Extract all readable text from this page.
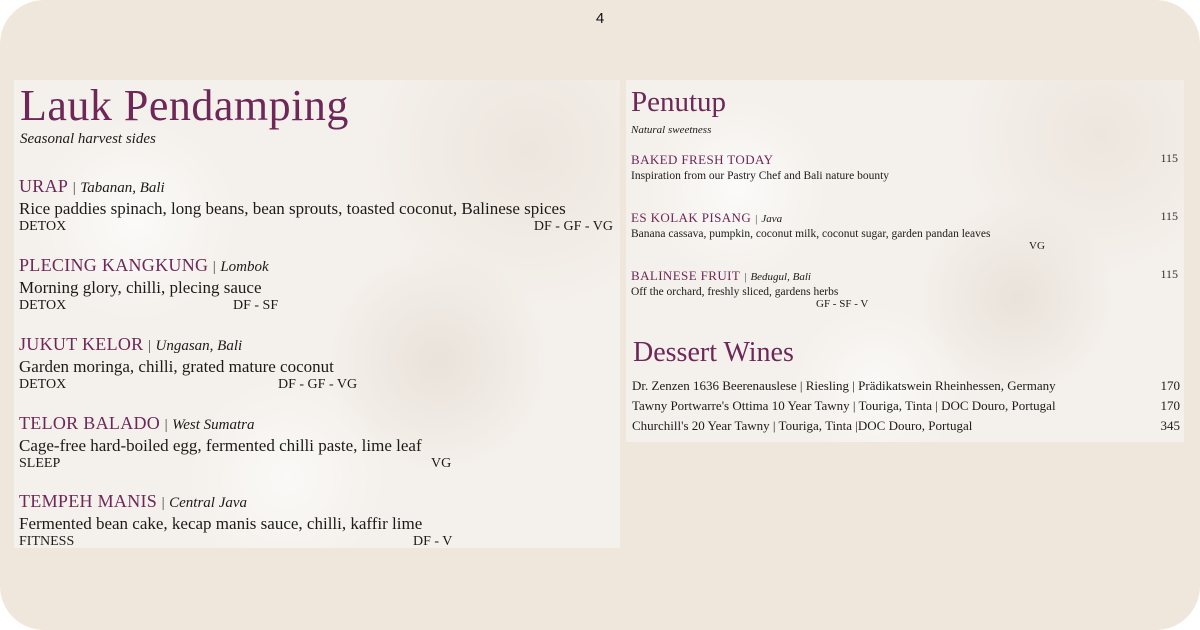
4
Lauk Pendamping
Seasonal harvest sides
URAP | Tabanan, Bali
Rice paddies spinach, long beans, bean sprouts, toasted coconut, Balinese spices
DETOX	DF - GF - VG
PLECING KANGKUNG | Lombok
Morning glory, chilli, plecing sauce
DETOX	DF - SF
JUKUT KELOR | Ungasan, Bali
Garden moringa, chilli, grated mature coconut
DETOX	DF - GF - VG
TELOR BALADO | West Sumatra
Cage-free hard-boiled egg, fermented chilli paste, lime leaf
SLEEP	VG
TEMPEH MANIS | Central Java
Fermented bean cake, kecap manis sauce, chilli, kaffir lime
FITNESS	DF - V
Penutup
Natural sweetness
BAKED FRESH TODAY	115
Inspiration from our Pastry Chef and Bali nature bounty
ES KOLAK PISANG | Java	115
Banana cassava, pumpkin, coconut milk, coconut sugar, garden pandan leaves
VG
BALINESE FRUIT | Bedugul, Bali	115
Off the orchard, freshly sliced, gardens herbs
GF - SF - V
Dessert Wines
Dr. Zenzen 1636 Beerenauslese | Riesling | Prädikatswein Rheinhessen, Germany	170
Tawny Portwarre's Ottima 10 Year Tawny | Touriga, Tinta | DOC Douro, Portugal	170
Churchill's 20 Year Tawny | Touriga, Tinta |DOC Douro, Portugal	345
